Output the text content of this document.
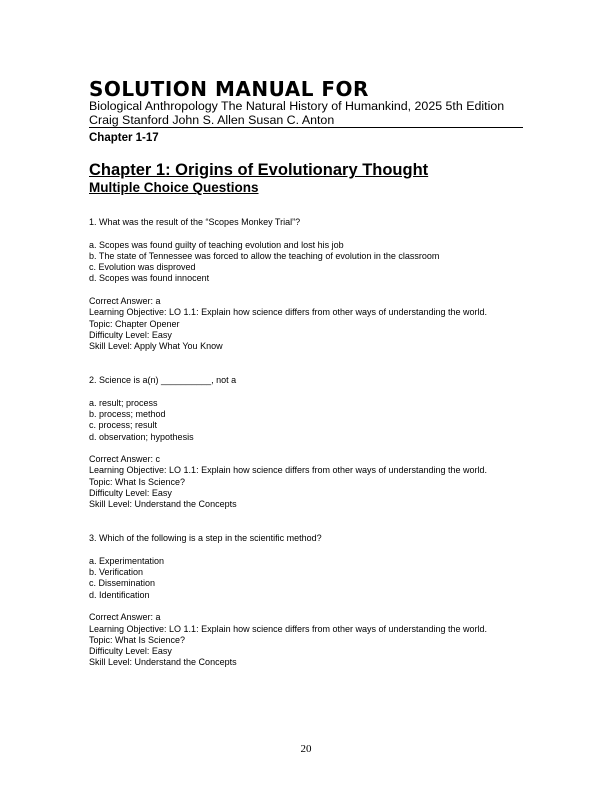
SOLUTION MANUAL FOR
Biological Anthropology The Natural History of Humankind, 2025 5th Edition
Craig Stanford John S. Allen Susan C. Anton
Chapter 1-17
Chapter 1: Origins of Evolutionary Thought
Multiple Choice Questions
1. What was the result of the “Scopes Monkey Trial”?
a. Scopes was found guilty of teaching evolution and lost his job
b. The state of Tennessee was forced to allow the teaching of evolution in the classroom
c. Evolution was disproved
d. Scopes was found innocent
Correct Answer: a
Learning Objective: LO 1.1: Explain how science differs from other ways of understanding the world.
Topic: Chapter Opener
Difficulty Level: Easy
Skill Level: Apply What You Know
2. Science is a(n) __________, not a
a. result; process
b. process; method
c. process; result
d. observation; hypothesis
Correct Answer: c
Learning Objective: LO 1.1: Explain how science differs from other ways of understanding the world.
Topic: What Is Science?
Difficulty Level: Easy
Skill Level: Understand the Concepts
3. Which of the following is a step in the scientific method?
a. Experimentation
b. Verification
c. Dissemination
d. Identification
Correct Answer: a
Learning Objective: LO 1.1: Explain how science differs from other ways of understanding the world.
Topic: What Is Science?
Difficulty Level: Easy
Skill Level: Understand the Concepts
20
